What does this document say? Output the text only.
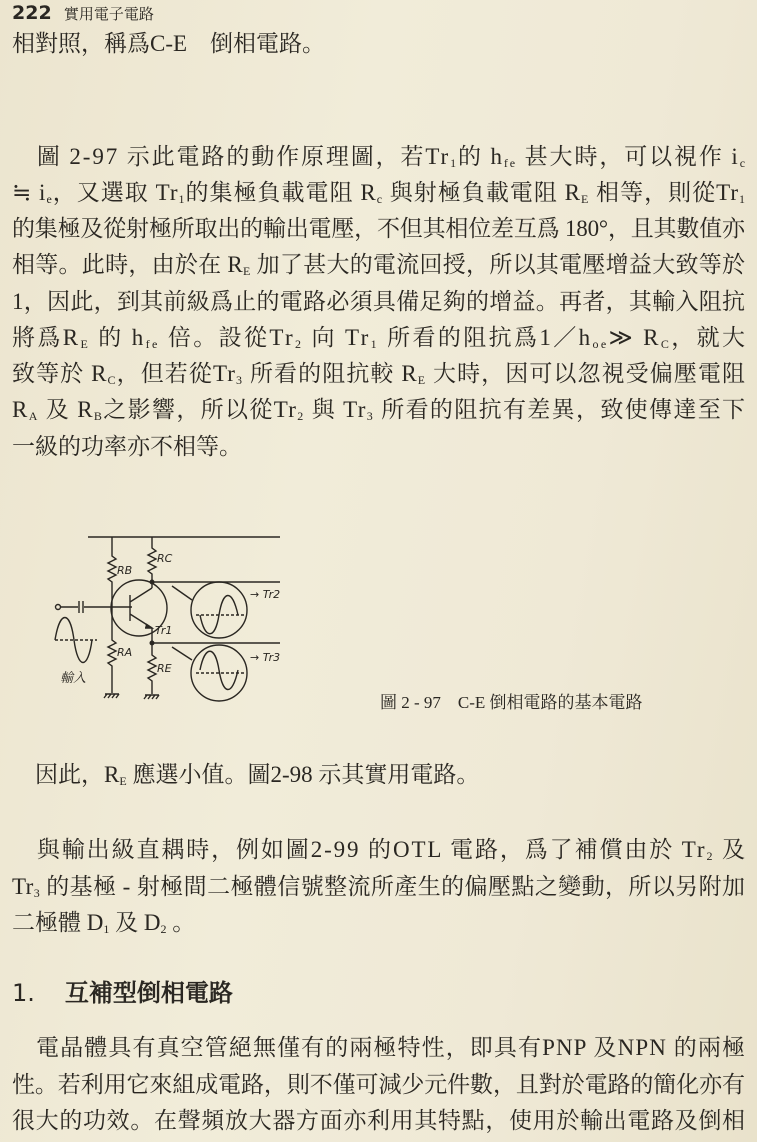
222 實用電子電路
相對照，稱爲C-E　倒相電路。
　圖 2-97 示此電路的動作原理圖，若$Tr_1$的 $h_{fe}$ 甚大時，可以視作 $i_c$
≒ $i_e$，又選取 $Tr_1$的集極負載電阻 $R_c$ 與射極負載電阻 $R_E$ 相等，則從$Tr_1$
的集極及從射極所取出的輸出電壓，不但其相位差互爲 180°，且其數值亦
相等。此時，由於在 $R_E$ 加了甚大的電流回授，所以其電壓增益大致等於
1，因此，到其前級爲止的電路必須具備足夠的增益。再者，其輸入阻抗
將爲$R_E$ 的 $h_{fe}$ 倍。設從$Tr_2$ 向 $Tr_1$ 所看的阻抗爲$1/h_{oe}≫$ $R_C$，就大
致等於 $R_C$，但若從$Tr_3$ 所看的阻抗較 $R_E$ 大時，因可以忽視受偏壓電阻
$R_A$ 及 $R_B$之影響，所以從$Tr_2$ 與 $Tr_3$ 所看的阻抗有差異，致使傳達至下
一級的功率亦不相等。
　因此，$R_E$ 應選小值。圖2-98 示其實用電路。
　與輸出級直耦時，例如圖2-99 的OTL 電路，爲了補償由於 $Tr_2$ 及
$Tr_3$ 的基極 - 射極間二極體信號整流所產生的偏壓點之變動，所以另附加
二極體 $D_1$ 及 $D_2$ 。
　電晶體具有真空管絕無僅有的兩極特性，即具有PNP 及NPN 的兩極
性。若利用它來組成電路，則不僅可減少元件數，且對於電路的簡化亦有
很大的功效。在聲頻放大器方面亦利用其特點，使用於輸出電路及倒相
RB
RC
RA
RE
Tr1
→ Tr2
→ Tr3
輸入
圖 2 - 97　C-E 倒相電路的基本電路
1. 互補型倒相電路
